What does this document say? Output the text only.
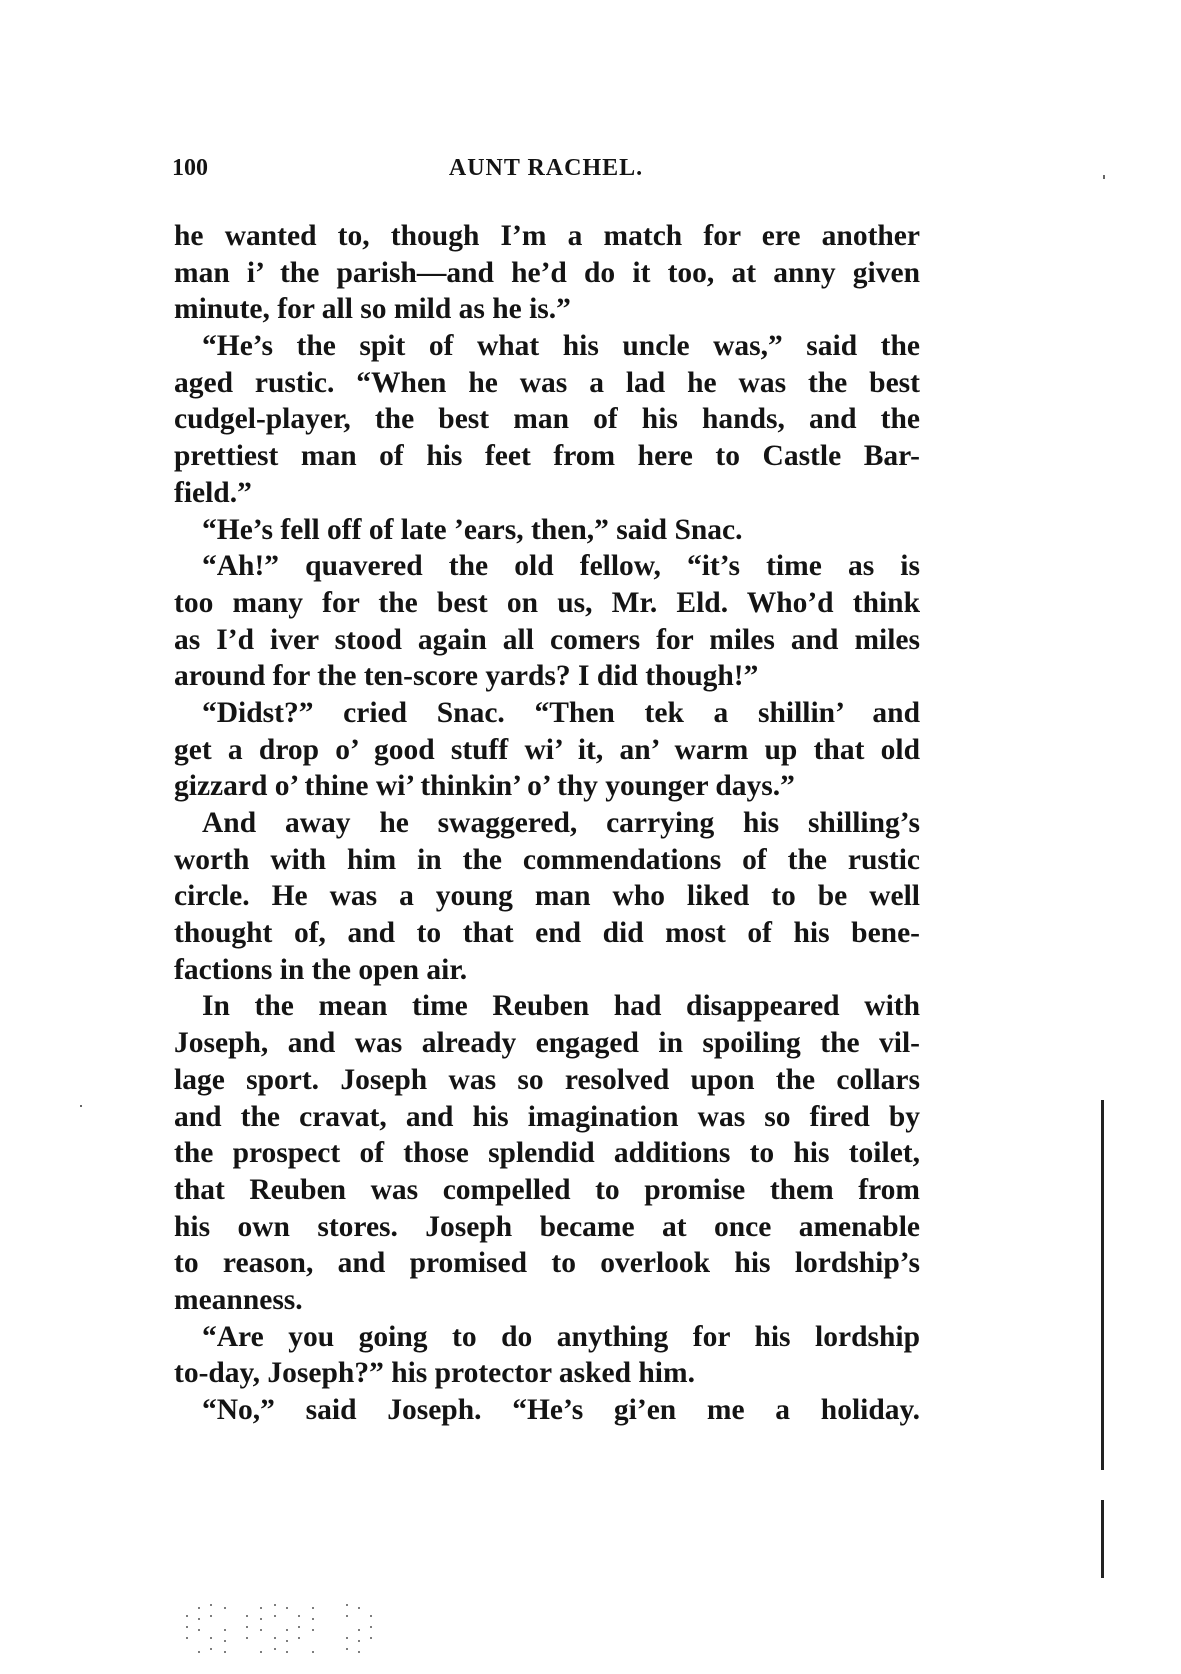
100	AUNT RACHEL.
he wanted to, though I’m a match for ere another
man i’ the parish—and he’d do it too, at anny given
minute, for all so mild as he is.”
“He’s the spit of what his uncle was,” said the
aged rustic. “When he was a lad he was the best
cudgel-player, the best man of his hands, and the
prettiest man of his feet from here to Castle Bar-
field.”
“He’s fell off of late ’ears, then,” said Snac.
“Ah!” quavered the old fellow, “it’s time as is
too many for the best on us, Mr. Eld. Who’d think
as I’d iver stood again all comers for miles and miles
around for the ten-score yards? I did though!”
“Didst?” cried Snac. “Then tek a shillin’ and
get a drop o’ good stuff wi’ it, an’ warm up that old
gizzard o’ thine wi’ thinkin’ o’ thy younger days.”
And away he swaggered, carrying his shilling’s
worth with him in the commendations of the rustic
circle. He was a young man who liked to be well
thought of, and to that end did most of his bene-
factions in the open air.
In the mean time Reuben had disappeared with
Joseph, and was already engaged in spoiling the vil-
lage sport. Joseph was so resolved upon the collars
and the cravat, and his imagination was so fired by
the prospect of those splendid additions to his toilet,
that Reuben was compelled to promise them from
his own stores. Joseph became at once amenable
to reason, and promised to overlook his lordship’s
meanness.
“Are you going to do anything for his lordship
to-day, Joseph?” his protector asked him.
“No,” said Joseph. “He’s gi’en me a holiday.
